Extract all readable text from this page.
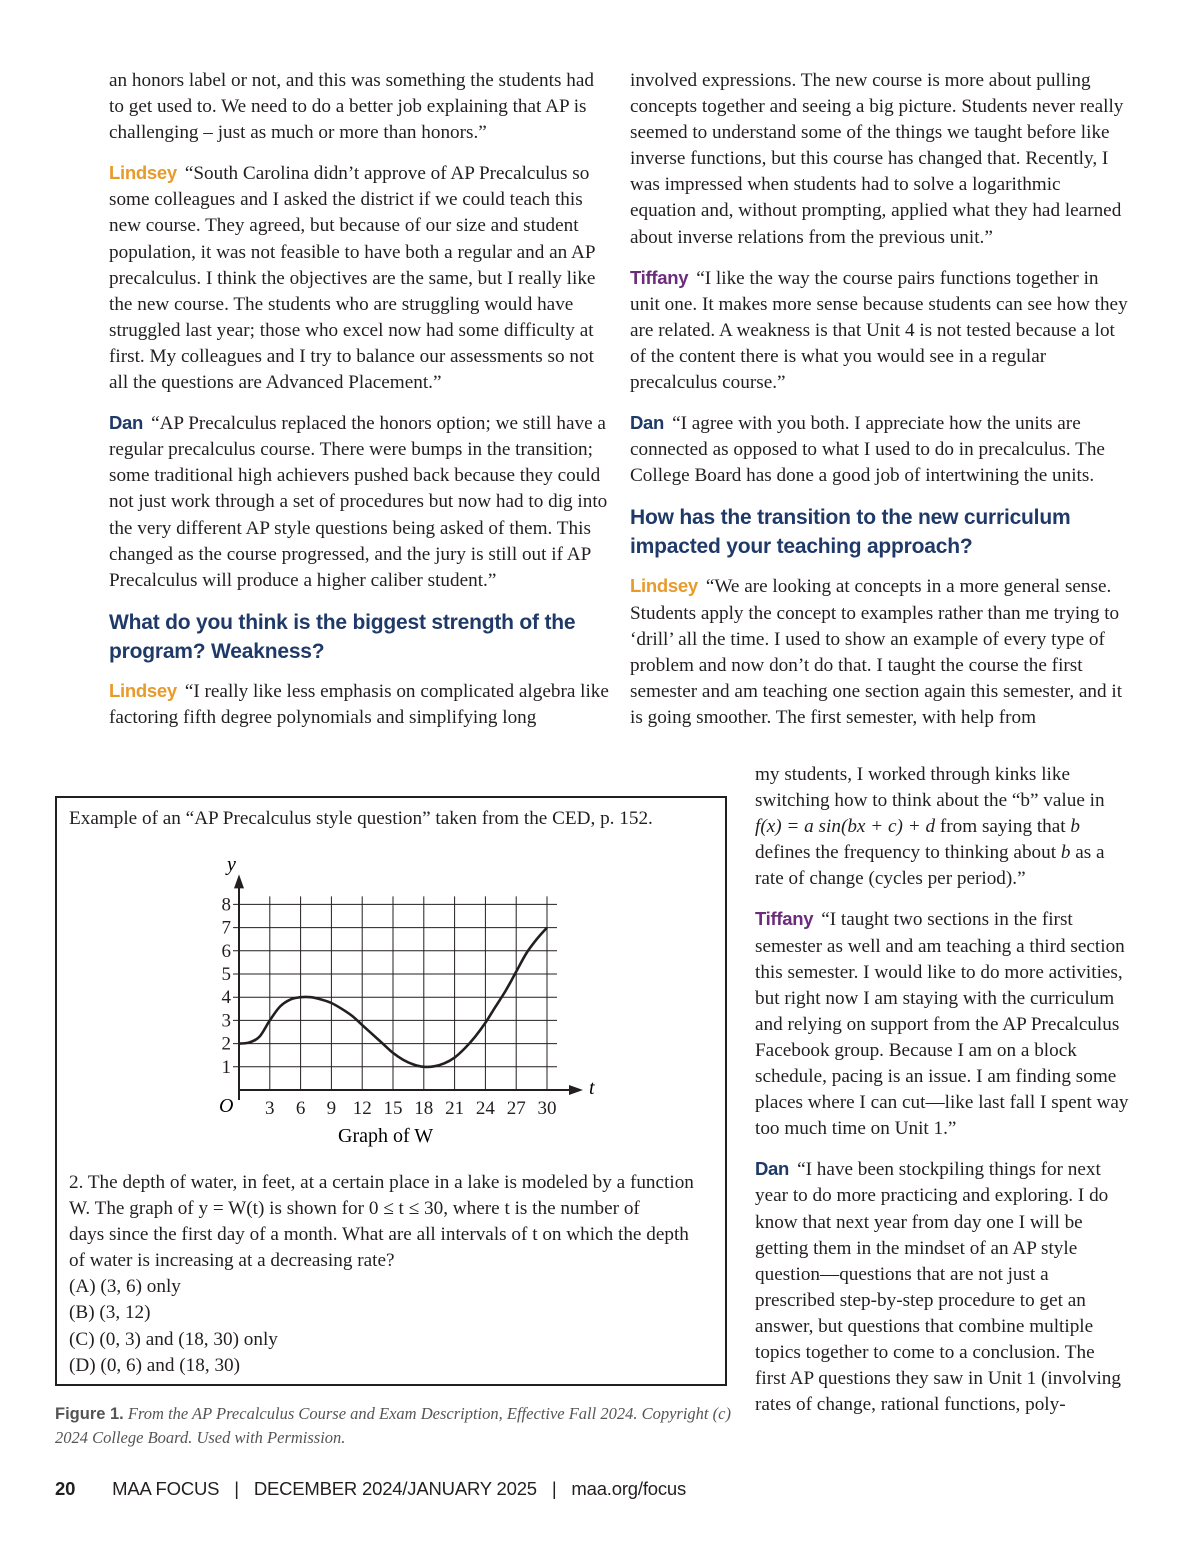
an honors label or not, and this was something the students had to get used to. We need to do a better job explaining that AP is challenging – just as much or more than honors.”

Lindsey “South Carolina didn’t approve of AP Precalculus so some colleagues and I asked the district if we could teach this new course. They agreed, but because of our size and student population, it was not feasible to have both a regular and an AP precalculus. I think the objectives are the same, but I really like the new course. The students who are struggling would have struggled last year; those who excel now had some difficulty at first. My colleagues and I try to balance our assessments so not all the questions are Advanced Placement.”

Dan “AP Precalculus replaced the honors option; we still have a regular precalculus course. There were bumps in the transition; some traditional high achievers pushed back because they could not just work through a set of procedures but now had to dig into the very different AP style questions being asked of them. This changed as the course progressed, and the jury is still out if AP Precalculus will produce a higher caliber student.”

What do you think is the biggest strength of the program? Weakness?

Lindsey “I really like less emphasis on complicated algebra like factoring fifth degree polynomials and simplifying long

involved expressions. The new course is more about pulling concepts together and seeing a big picture. Students never really seemed to understand some of the things we taught before like inverse functions, but this course has changed that. Recently, I was impressed when students had to solve a logarithmic equation and, without prompting, applied what they had learned about inverse relations from the previous unit.”

Tiffany “I like the way the course pairs functions together in unit one. It makes more sense because students can see how they are related. A weakness is that Unit 4 is not tested because a lot of the content there is what you would see in a regular precalculus course.”

Dan “I agree with you both. I appreciate how the units are connected as opposed to what I used to do in precalculus. The College Board has done a good job of intertwining the units.

How has the transition to the new curriculum impacted your teaching approach?

Lindsey “We are looking at concepts in a more general sense. Students apply the concept to examples rather than me trying to ‘drill’ all the time. I used to show an example of every type of problem and now don’t do that. I taught the course the first semester and am teaching one section again this semester, and it is going smoother. The first semester, with help from

my students, I worked through kinks like switching how to think about the “b” value in f(x) = a sin(bx + c) + d from saying that b defines the frequency to thinking about b as a rate of change (cycles per period).”

Tiffany “I taught two sections in the first semester as well and am teaching a third section this semester. I would like to do more activities, but right now I am staying with the curriculum and relying on support from the AP Precalculus Facebook group. Because I am on a block schedule, pacing is an issue. I am finding some places where I can cut—like last fall I spent way too much time on Unit 1.”

Dan “I have been stockpiling things for next year to do more practicing and exploring. I do know that next year from day one I will be getting them in the mindset of an AP style question—questions that are not just a prescribed step-by-step procedure to get an answer, but questions that combine multiple topics together to come to a conclusion. The first AP questions they saw in Unit 1 (involving rates of change, rational functions, poly-

Example of an “AP Precalculus style question” taken from the CED, p. 152.
3 6 9 12 15 18 21 24 27 30
1
2
3
4
5
6
7
8
y
t
O
Graph of W
2. The depth of water, in feet, at a certain place in a lake is modeled by a function
W. The graph of y = W(t) is shown for 0 ≤ t ≤ 30, where t is the number of
days since the first day of a month. What are all intervals of t on which the depth
of water is increasing at a decreasing rate?
(A) (3, 6) only
(B) (3, 12)
(C) (0, 3) and (18, 30) only
(D) (0, 6) and (18, 30)
Figure 1. From the AP Precalculus Course and Exam Description, Effective Fall 2024. Copyright (c) 2024 College Board. Used with Permission.
20 MAA FOCUS | DECEMBER 2024/JANUARY 2025 | maa.org/focus
